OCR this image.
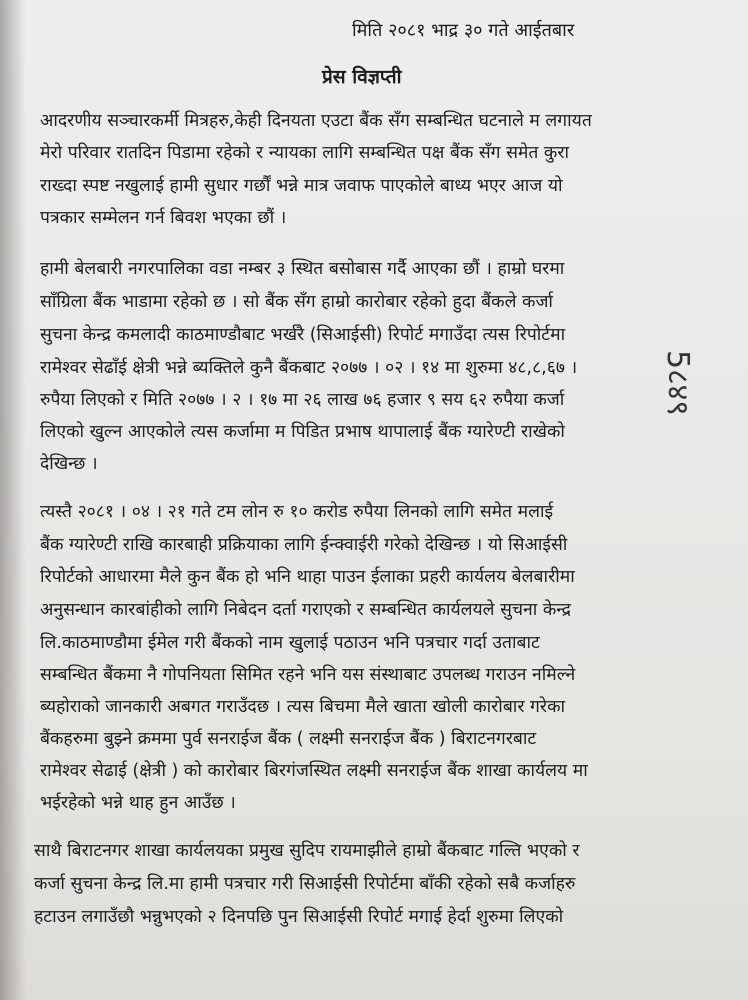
मिति २०८१ भाद्र ३० गते आईतबार
प्रेस विज्ञप्ती
आदरणीय सञ्चारकर्मी मित्रहरु,केही दिनयता एउटा बैंक सँग सम्बन्धित घटनाले म लगायत
मेरो परिवार रातदिन पिडामा रहेको र न्यायका लागि सम्बन्धित पक्ष बैंक सँग समेत कुरा
राख्दा स्पष्ट नखुलाई हामी सुधार गर्छौं भन्ने मात्र जवाफ पाएकोले बाध्य भएर आज यो
पत्रकार सम्मेलन गर्न बिवश भएका छौं ।
हामी बेलबारी नगरपालिका वडा नम्बर ३ स्थित बसोबास गर्दै आएका छौं । हाम्रो घरमा
साँग्रिला बैंक भाडामा रहेको छ । सो बैंक सँग हाम्रो कारोबार रहेको हुदा बैंकले कर्जा
सुचना केन्द्र कमलादी काठमाण्डौबाट भर्खरै (सिआईसी) रिपोर्ट मगाउँदा त्यस रिपोर्टमा
रामेश्वर सेढाँई क्षेत्री भन्ने ब्यक्तिले कुनै बैंकबाट २०७७ । ०२ । १४ मा शुरुमा ४८,८,६७ ।
रुपैया लिएको र मिति २०७७ । २ । १७ मा २६ लाख ७६ हजार ९ सय ६२ रुपैया कर्जा
लिएको खुल्न आएकोले त्यस कर्जामा म पिडित प्रभाष थापालाई बैंक ग्यारेण्टी राखेको
देखिन्छ ।
त्यस्तै २०८१ । ०४ । २१ गते टम लोन रु १० करोड रुपैया लिनको लागि समेत मलाई
बैंक ग्यारेण्टी राखि कारबाही प्रक्रियाका लागि ईन्क्वाईरी गरेको देखिन्छ । यो सिआईसी
रिपोर्टको आधारमा मैले कुन बैंक हो भनि थाहा पाउन ईलाका प्रहरी कार्यलय बेलबारीमा
अनुसन्धान कारबांहीको लागि निबेदन दर्ता गराएको र सम्बन्धित कार्यलयले सुचना केन्द्र
लि.काठमाण्डौमा ईमेल गरी बैंकको नाम खुलाई पठाउन भनि पत्रचार गर्दा उताबाट
सम्बन्धित बैंकमा नै गोपनियता सिमित रहने भनि यस संस्थाबाट उपलब्ध गराउन नमिल्ने
ब्यहोराको जानकारी अबगत गराउँदछ । त्यस बिचमा मैले खाता खोली कारोबार गरेका
बैंकहरुमा बुझ्ने क्रममा पुर्व सनराईज बैंक ( लक्ष्मी सनराईज बैंक ) बिराटनगरबाट
रामेश्वर सेढाई (क्षेत्री ) को कारोबार बिरगंजस्थित लक्ष्मी सनराईज बैंक शाखा कार्यलय मा
भईरहेको भन्ने थाह हुन आउँछ ।
साथै बिराटनगर शाखा कार्यलयका प्रमुख सुदिप रायमाझीले हाम्रो बैंकबाट गल्ति भएको र
कर्जा सुचना केन्द्र लि.मा हामी पत्रचार गरी सिआईसी रिपोर्टमा बाँकी रहेको सबै कर्जाहरु
हटाउन लगाउँछौ भन्नुभएको २ दिनपछि पुन सिआईसी रिपोर्ट मगाई हेर्दा शुरुमा लिएको
5८४९
